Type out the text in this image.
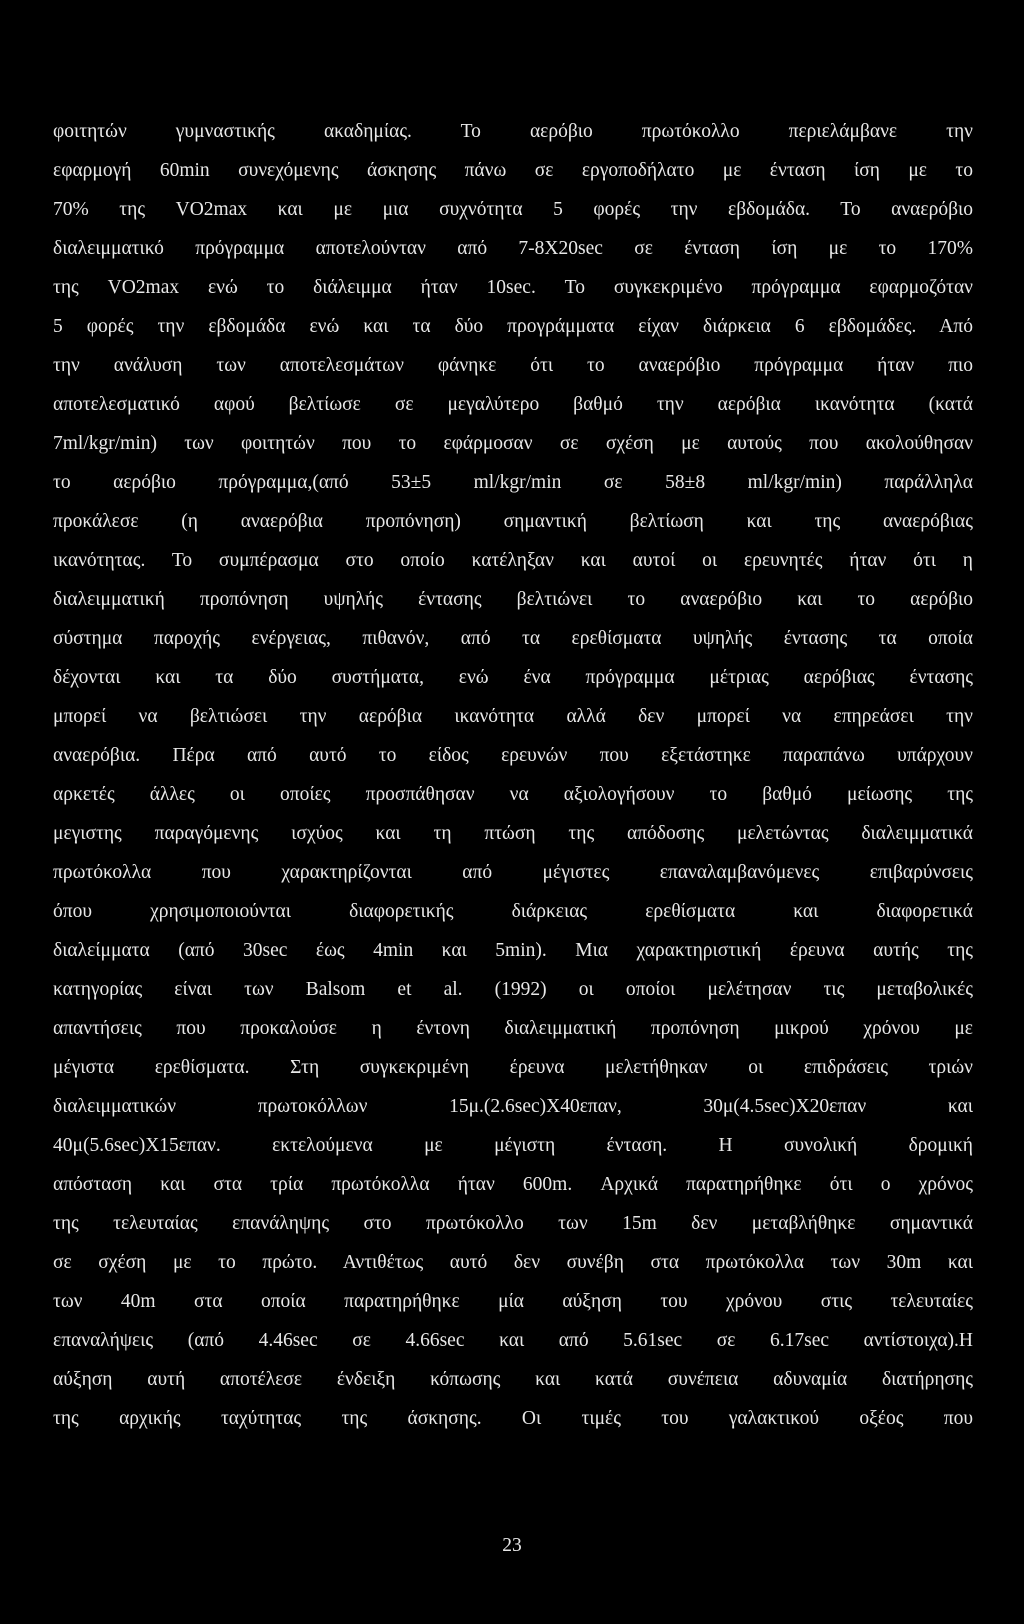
φοιτητών γυμναστικής ακαδημίας. Το αερόβιο πρωτόκολλο περιελάμβανε την
εφαρμογή 60min συνεχόμενης άσκησης πάνω σε εργοποδήλατο με ένταση ίση με το
70% της VO2max και με μια συχνότητα 5 φορές την εβδομάδα. Το αναερόβιο
διαλειμματικό πρόγραμμα αποτελούνταν από 7-8X20sec σε ένταση ίση με το 170%
της VO2max ενώ το διάλειμμα ήταν 10sec. Το συγκεκριμένο πρόγραμμα εφαρμοζόταν
5 φορές την εβδομάδα ενώ και τα δύο προγράμματα είχαν διάρκεια 6 εβδομάδες. Από
την ανάλυση των αποτελεσμάτων φάνηκε ότι το αναερόβιο πρόγραμμα ήταν πιο
αποτελεσματικό αφού βελτίωσε σε μεγαλύτερο βαθμό την αερόβια ικανότητα (κατά
7ml/kgr/min) των φοιτητών που το εφάρμοσαν σε σχέση με αυτούς που ακολούθησαν
το αερόβιο πρόγραμμα,(από 53±5 ml/kgr/min σε 58±8 ml/kgr/min) παράλληλα
προκάλεσε (η αναερόβια προπόνηση) σημαντική βελτίωση και της αναερόβιας
ικανότητας. Το συμπέρασμα στο οποίο κατέληξαν και αυτοί οι ερευνητές ήταν ότι η
διαλειμματική προπόνηση υψηλής έντασης βελτιώνει το αναερόβιο και το αερόβιο
σύστημα παροχής ενέργειας, πιθανόν, από τα ερεθίσματα υψηλής έντασης τα οποία
δέχονται και τα δύο συστήματα, ενώ ένα πρόγραμμα μέτριας αερόβιας έντασης
μπορεί να βελτιώσει την αερόβια ικανότητα αλλά δεν μπορεί να επηρεάσει την
αναερόβια. Πέρα από αυτό το είδος ερευνών που εξετάστηκε παραπάνω υπάρχουν
αρκετές άλλες οι οποίες προσπάθησαν να αξιολογήσουν το βαθμό μείωσης της
μεγιστης παραγόμενης ισχύος και τη πτώση της απόδοσης μελετώντας διαλειμματικά
πρωτόκολλα που χαρακτηρίζονται από μέγιστες επαναλαμβανόμενες επιβαρύνσεις
όπου χρησιμοποιούνται διαφορετικής διάρκειας ερεθίσματα και διαφορετικά
διαλείμματα (από 30sec έως 4min και 5min). Μια χαρακτηριστική έρευνα αυτής της
κατηγορίας είναι των Balsom et al. (1992) οι οποίοι μελέτησαν τις μεταβολικές
απαντήσεις που προκαλούσε η έντονη διαλειμματική προπόνηση μικρού χρόνου με
μέγιστα ερεθίσματα. Στη συγκεκριμένη έρευνα μελετήθηκαν οι επιδράσεις τριών
διαλειμματικών πρωτοκόλλων 15μ.(2.6sec)X40επαν, 30μ(4.5sec)X20επαν και
40μ(5.6sec)X15επαν. εκτελούμενα με μέγιστη ένταση. Η συνολική δρομική
απόσταση και στα τρία πρωτόκολλα ήταν 600m. Αρχικά παρατηρήθηκε ότι ο χρόνος
της τελευταίας επανάληψης στο πρωτόκολλο των 15m δεν μεταβλήθηκε σημαντικά
σε σχέση με το πρώτο. Αντιθέτως αυτό δεν συνέβη στα πρωτόκολλα των 30m και
των 40m στα οποία παρατηρήθηκε μία αύξηση του χρόνου στις τελευταίες
επαναλήψεις (από 4.46sec σε 4.66sec και από 5.61sec σε 6.17sec αντίστοιχα).Η
αύξηση αυτή αποτέλεσε ένδειξη κόπωσης και κατά συνέπεια αδυναμία διατήρησης
της αρχικής ταχύτητας της άσκησης. Οι τιμές του γαλακτικού οξέος που
23
